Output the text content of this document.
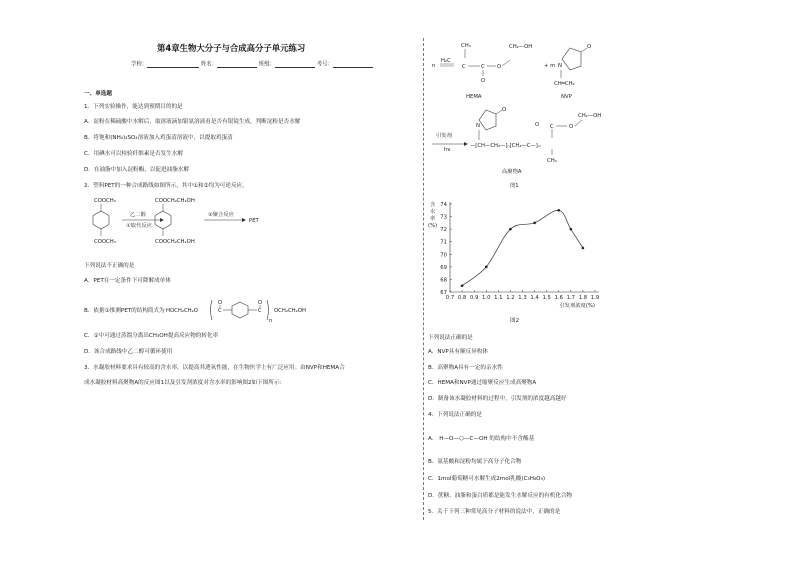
第4章生物大分子与合成高分子单元练习
学校：	姓名：	班级：	考号：
一、单选题
1．下列实验操作，能达到预期目的的是
A．淀粉在稀硫酸中水解后，取溶液滴加银氨溶液看是否有银镜生成，判断淀粉是否水解
B．将饱和(NH₄)₂SO₄溶液加入鸡蛋清溶液中，以提取鸡蛋清
C．用碘水可以检验纤维素是否发生水解
D．在油脂中加入淀粉酶，以促进油脂水解
2．塑料PET的一种合成路线如图所示，其中①和②均为可逆反应。
COOCH₃
COOCH₃
乙二醇
①取代反应
COOCH₂CH₂OH
COOCH₂CH₂OH
②聚合反应
PET
下列说法不正确的是
A．PET在一定条件下可降解成单体
B．依据①推测PET的结构简式为 HOCH₂CH₂O
O
C
O
C
n
OCH₂CH₂OH
C．①中可通过蒸馏分离出CH₃OH提高反应物的转化率
D．该合成路线中乙二醇可循环使用
3．水凝胶材料要求具有较高的含水率，以提高其透氧性能，在生物医学上有广泛应用。由NVP和HEMA合
成水凝胶材料高聚物A的反应图1以及引发剂浓度对含水率的影响图2如下图所示：
n
CH₃
H₂C
C	C
O
O
CH₂—OH
HEMA
+ m N
O
CH═CH₂
NVP
引发剂
hν
N
O
—[CH—CH₂—]ₙ[CH₂—C—]ₘ
O C	O
CH₂—OH
CH₃
高聚物A
图1
0.7 0.8 0.9 1.0 1.1 1.2 1.3 1.4 1.5 1.6 1.7 1.8 1.9
67
68
69
70
71
72
73
74
含
水
率
(%)
引发剂浓度(%)
图2
下列说法正确的是
A．NVP具有顺反异构体
B．高聚物A具有一定的亲水性
C．HEMA和NVP通过缩聚反应生成高聚物A
D．制备该水凝胶材料的过程中，引发剂的浓度越高越好
4．下列说法正确的是
A． H—O—⬡—C—OH 的结构中不含酯基
B．氨基酸和淀粉均属于高分子化合物
C．1mol葡萄糖可水解生成2mol乳酸(C₃H₆O₃)
D．蔗糖、油脂和蛋白质都是能发生水解反应的有机化合物
5．关于下列三种常见高分子材料的说法中，正确的是
